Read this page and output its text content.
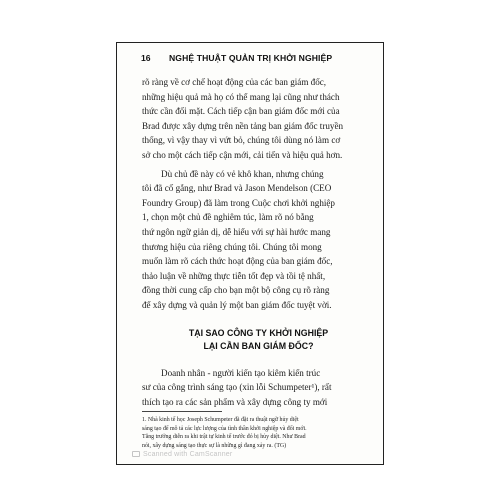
16 NGHỆ THUẬT QUẢN TRỊ KHỞI NGHIỆP

rõ ràng về cơ chế hoạt động của các ban giám đốc,
những hiệu quả mà họ có thể mang lại cũng như thách
thức cần đối mặt. Cách tiếp cận ban giám đốc mới của
Brad được xây dựng trên nền tảng ban giám đốc truyền
thống, vì vậy thay vì vứt bỏ, chúng tôi dùng nó làm cơ
sở cho một cách tiếp cận mới, cải tiến và hiệu quả hơn.

Dù chủ đề này có vẻ khô khan, nhưng chúng
tôi đã cố gắng, như Brad và Jason Mendelson (CEO
Foundry Group) đã làm trong Cuộc chơi khởi nghiệp
1, chọn một chủ đề nghiêm túc, làm rõ nó bằng
thứ ngôn ngữ giản dị, dễ hiểu với sự hài hước mang
thương hiệu của riêng chúng tôi. Chúng tôi mong
muốn làm rõ cách thức hoạt động của ban giám đốc,
thảo luận về những thực tiễn tốt đẹp và tồi tệ nhất,
đồng thời cung cấp cho bạn một bộ công cụ rõ ràng
để xây dựng và quản lý một ban giám đốc tuyệt vời.

TẠI SAO CÔNG TY KHỞI NGHIỆP
LẠI CẦN BAN GIÁM ĐỐC?

Doanh nhân - người kiến tạo kiêm kiến trúc
sư của công trình sáng tạo (xin lỗi Schumpeter¹), rất
thích tạo ra các sản phẩm và xây dựng công ty mới

1. Nhà kinh tế học Joseph Schumpeter đã đặt ra thuật ngữ hủy diệt
sáng tạo để mô tả các lực lượng của tình thần khởi nghiệp và đổi mới.
Tăng trưởng diễn ra khi trật tự kinh tế trước đó bị hủy diệt. Như Brad
nói, xây dựng sáng tạo thực sự là những gì đang xảy ra. (TG)
Scanned with CamScanner
